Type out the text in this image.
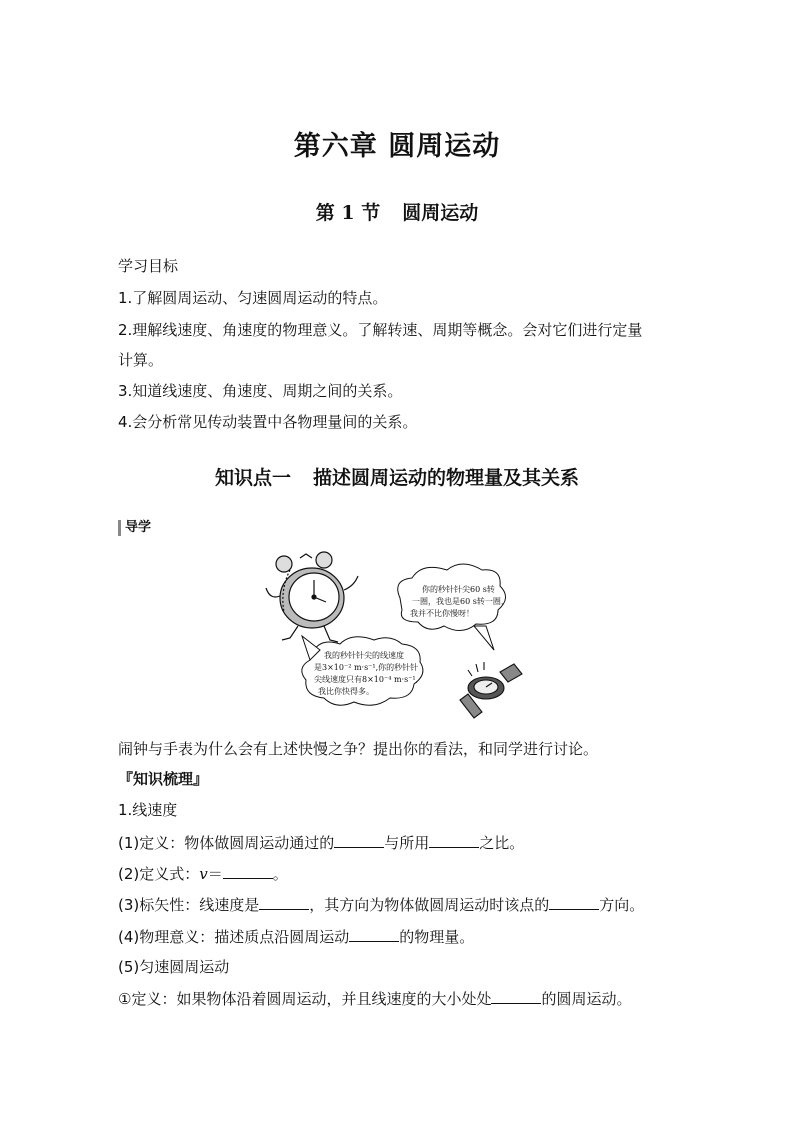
第六章 圆周运动
第 1 节 圆周运动
学习目标
1.了解圆周运动、匀速圆周运动的特点。
2.理解线速度、角速度的物理意义。了解转速、周期等概念。会对它们进行定量
计算。
3.知道线速度、角速度、周期之间的关系。
4.会分析常见传动装置中各物理量间的关系。
知识点一 描述圆周运动的物理量及其关系
导学
你的秒针针尖60 s转
一圈，我也是60 s转一圈，
我并不比你慢呀！
我的秒针针尖的线速度
是3×10⁻² m·s⁻¹,你的秒针针
尖线速度只有8×10⁻⁴ m·s⁻¹,
我比你快得多。
闹钟与手表为什么会有上述快慢之争？提出你的看法，和同学进行讨论。
『知识梳理』
1.线速度
(1)定义：物体做圆周运动通过的	与所用	之比。
(2)定义式：v＝	。
(3)标矢性：线速度是	，其方向为物体做圆周运动时该点的	方向。
(4)物理意义：描述质点沿圆周运动	的物理量。
(5)匀速圆周运动
①定义：如果物体沿着圆周运动，并且线速度的大小处处	的圆周运动。
